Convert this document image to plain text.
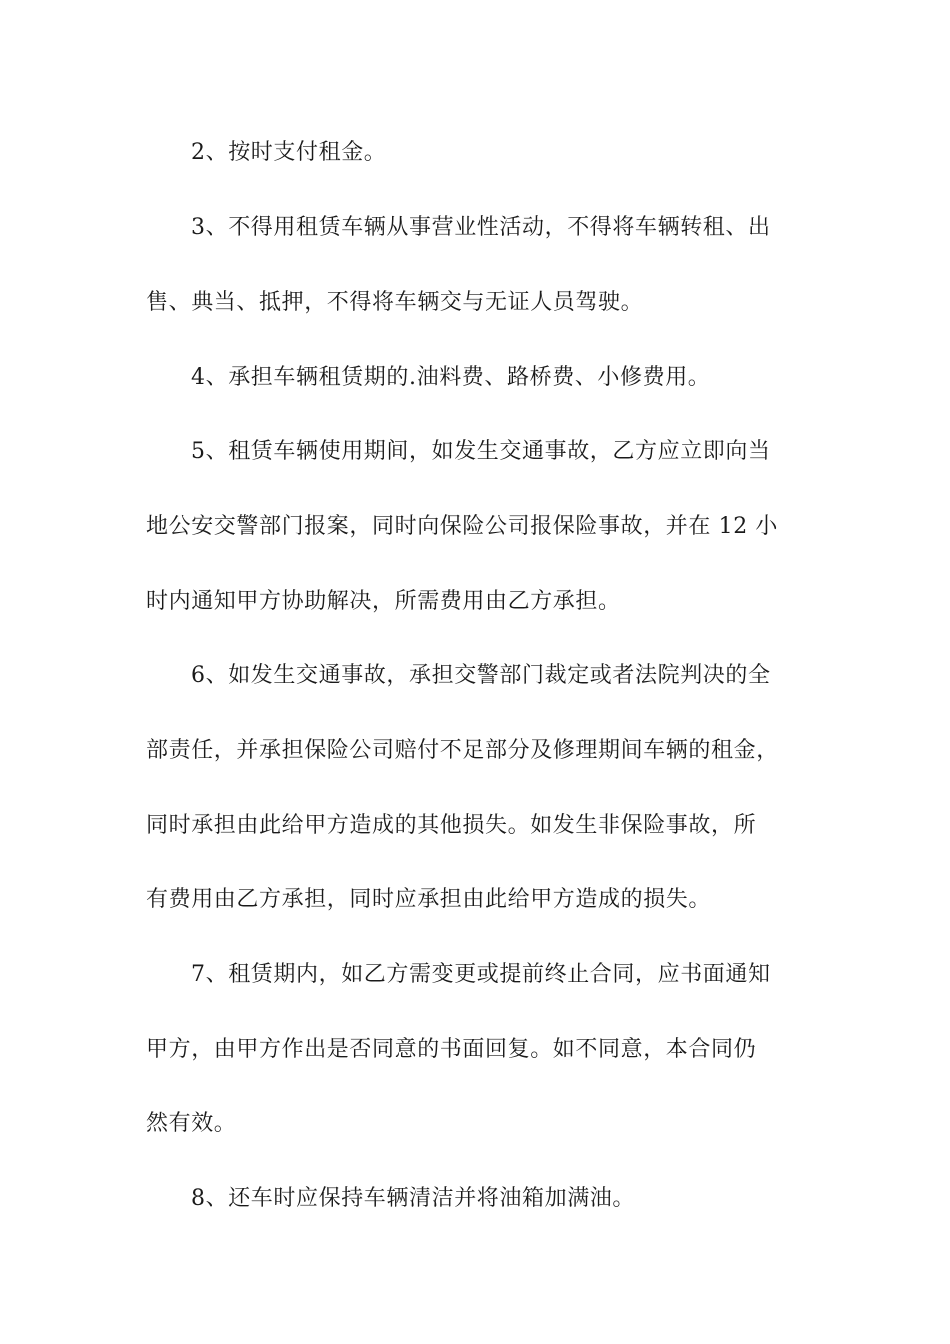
2、按时支付租金。
3、不得用租赁车辆从事营业性活动，不得将车辆转租、出
售、典当、抵押，不得将车辆交与无证人员驾驶。
4、承担车辆租赁期的.油料费、路桥费、小修费用。
5、租赁车辆使用期间，如发生交通事故，乙方应立即向当
地公安交警部门报案，同时向保险公司报保险事故，并在 12 小
时内通知甲方协助解决，所需费用由乙方承担。
6、如发生交通事故，承担交警部门裁定或者法院判决的全
部责任，并承担保险公司赔付不足部分及修理期间车辆的租金，
同时承担由此给甲方造成的其他损失。如发生非保险事故，所
有费用由乙方承担，同时应承担由此给甲方造成的损失。
7、租赁期内，如乙方需变更或提前终止合同，应书面通知
甲方，由甲方作出是否同意的书面回复。如不同意，本合同仍
然有效。
8、还车时应保持车辆清洁并将油箱加满油。
